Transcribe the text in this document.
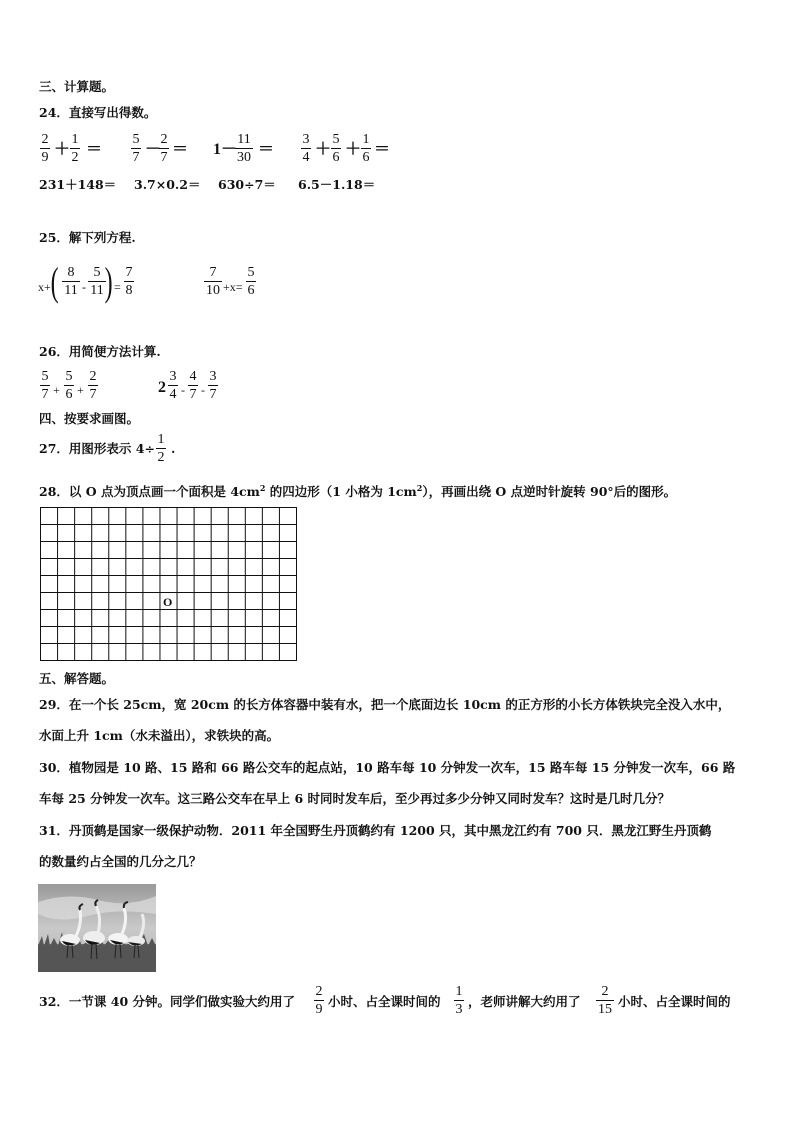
三、计算题。
24．直接写出得数。
2
9 ＋
1
2 ＝
5
7 －
2
7 ＝ 1－
11
30 ＝
3
4 ＋
5
6 ＋
1
6 ＝
231＋148＝ 3.7×0.2＝ 630÷7＝ 6.5－1.18＝
25．解下列方程.
x+ ( 8
11 -
5
11 ) =
7
8
7
10 +x=
5
6
26．用简便方法计算.
5
7 +
5
6 +
2
7	2
3
4 -
4
7 -
3
7
四、按要求画图。
27．用图形表示 4÷
1
2
.
28．以 O 点为顶点画一个面积是 $4cm^2$ 的四边形（1 小格为 $1cm^2$），再画出绕 O 点逆时针旋转 90°后的图形。
O
五、解答题。
29．在一个长 25cm，宽 20cm 的长方体容器中装有水，把一个底面边长 10cm 的正方形的小长方体铁块完全没入水中，
水面上升 1cm（水未溢出），求铁块的高。
30．植物园是 10 路、15 路和 66 路公交车的起点站，10 路车每 10 分钟发一次车，15 路车每 15 分钟发一次车，66 路
车每 25 分钟发一次车。这三路公交车在早上 6 时同时发车后，至少再过多少分钟又同时发车？这时是几时几分？
31．丹顶鹤是国家一级保护动物．2011 年全国野生丹顶鹤约有 1200 只，其中黑龙江约有 700 只．黑龙江野生丹顶鹤
的数量约占全国的几分之几？
32．一节课 40 分钟。同学们做实验大约用了
2
9
小时、占全课时间的
1
3
，老师讲解大约用了
2
15
小时、占全课时间的
